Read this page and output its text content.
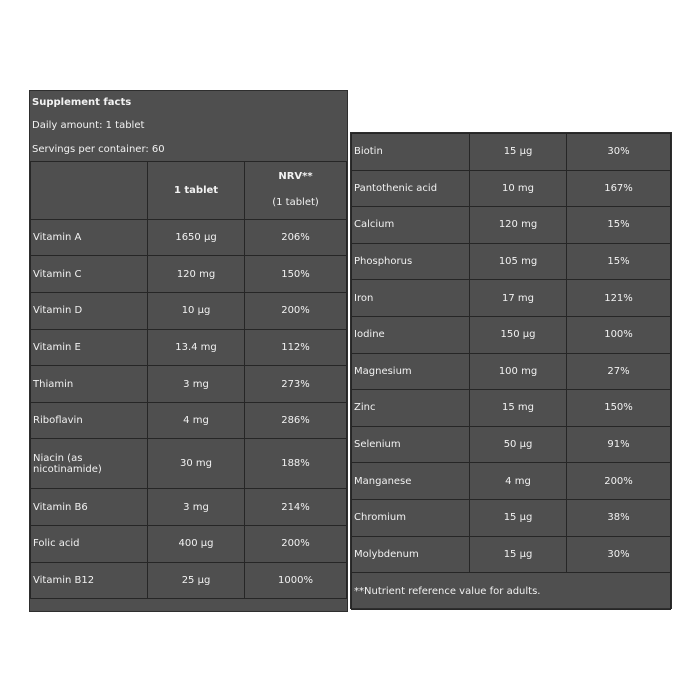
Supplement facts
Daily amount: 1 tablet
Servings per container: 60
	1 tablet	NRV**
(1 tablet)

Vitamin A	1650 µg	206%
Vitamin C	120 mg	150%
Vitamin D	10 µg	200%
Vitamin E	13.4 mg	112%
Thiamin	3 mg	273%
Riboflavin	4 mg	286%
Niacin (as nicotinamide)	30 mg	188%
Vitamin B6	3 mg	214%
Folic acid	400 µg	200%
Vitamin B12	25 µg	1000%
Biotin	15 µg	30%
Pantothenic acid	10 mg	167%
Calcium	120 mg	15%
Phosphorus	105 mg	15%
Iron	17 mg	121%
Iodine	150 µg	100%
Magnesium	100 mg	27%
Zinc	15 mg	150%
Selenium	50 µg	91%
Manganese	4 mg	200%
Chromium	15 µg	38%
Molybdenum	15 µg	30%
**Nutrient reference value for adults.		
